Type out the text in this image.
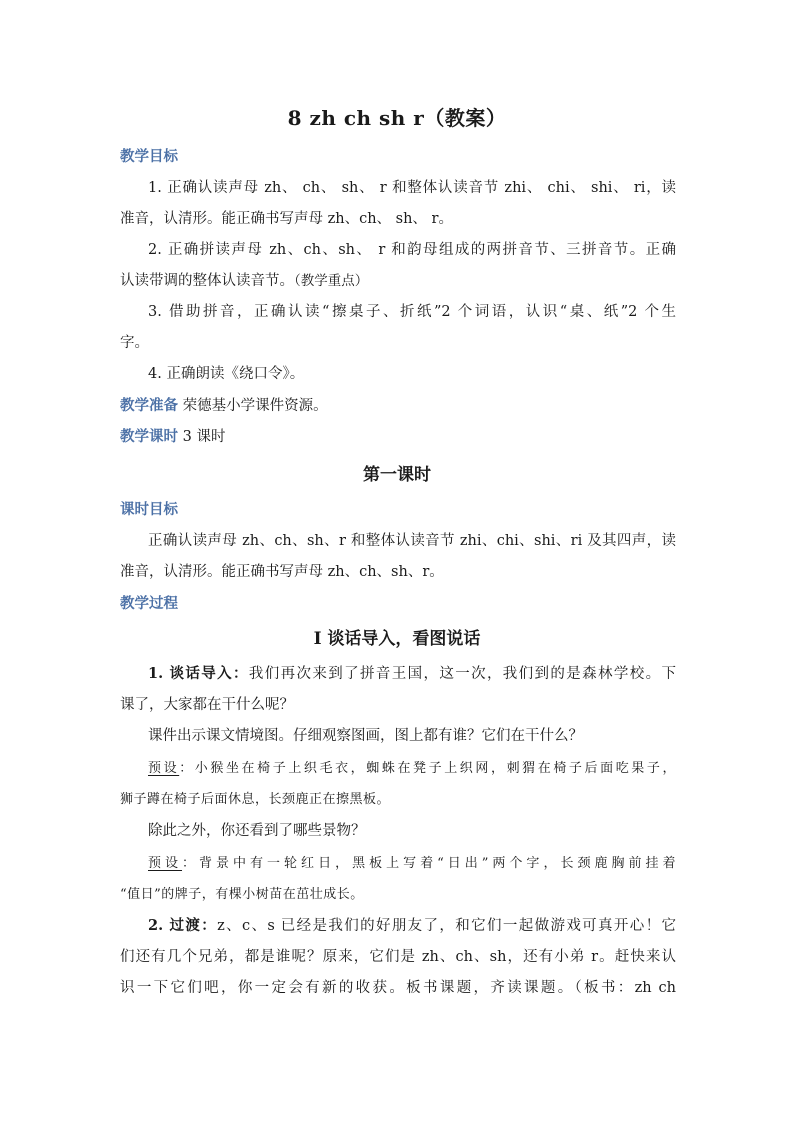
8 zh ch sh r（教案）
教学目标
1. 正确认读声母 zh、 ch、 sh、 r 和整体认读音节 zhi、 chi、 shi、 ri，读
准音，认清形。能正确书写声母 zh、ch、 sh、 r。
2. 正确拼读声母 zh、ch、sh、 r 和韵母组成的两拼音节、三拼音节。正确
认读带调的整体认读音节。（教学重点）
3. 借助拼音，正确认读“擦桌子、折纸”2 个词语，认识“桌、纸”2 个生
字。
4. 正确朗读《绕口令》。
教学准备 荣德基小学课件资源。
教学课时 3 课时
第一课时
课时目标
正确认读声母 zh、ch、sh、r 和整体认读音节 zhi、chi、shi、ri 及其四声，读
准音，认清形。能正确书写声母 zh、ch、sh、r。
教学过程
Ⅰ 谈话导入，看图说话
1. 谈话导入：我们再次来到了拼音王国，这一次，我们到的是森林学校。下
课了，大家都在干什么呢？
课件出示课文情境图。仔细观察图画，图上都有谁？它们在干什么？
预设：小猴坐在椅子上织毛衣，蜘蛛在凳子上织网，刺猬在椅子后面吃果子，
狮子蹲在椅子后面休息，长颈鹿正在擦黑板。
除此之外，你还看到了哪些景物？
预设：背景中有一轮红日，黑板上写着“日出”两个字，长颈鹿胸前挂着
“值日”的牌子，有棵小树苗在茁壮成长。
2. 过渡：z、c、s 已经是我们的好朋友了，和它们一起做游戏可真开心！它
们还有几个兄弟，都是谁呢？原来，它们是 zh、ch、sh，还有小弟 r。赶快来认
识一下它们吧，你一定会有新的收获。板书课题，齐读课题。（板书：zh ch
